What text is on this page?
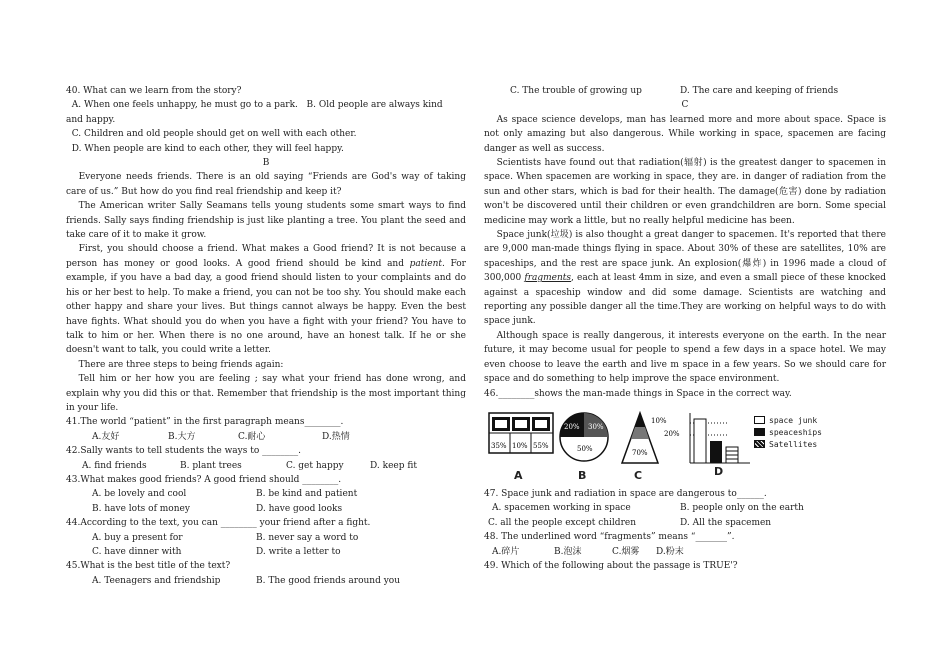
40. What can we learn from the story?
A. When one feels unhappy, he must go to a park.   B. Old people are always kind
and happy.
C. Children and old people should get on well with each other.
D. When people are kind to each other, they will feel happy.
B
Everyone needs friends. There is an old saying “Friends are God's way of taking care of us.” But how do you find real friendship and keep it?
The American writer Sally Seamans tells young students some smart ways to find friends. Sally says finding friendship is just like planting a tree. You plant the seed and take care of it to make it grow.
First, you should choose a friend. What makes a Good friend? It is not because a person has money or good looks. A good friend should be kind and patient. For example, if you have a bad day, a good friend should listen to your complaints and do his or her best to help. To make a friend, you can not be too shy. You should make each other happy and share your lives. But things cannot always be happy. Even the best have fights. What should you do when you have a fight with your friend? You have to talk to him or her. When there is no one around, have an honest talk. If he or she doesn't want to talk, you could write a letter.
There are three steps to being friends again:
Tell him or her how you are feeling ; say what your friend has done wrong, and explain why you did this or that. Remember that friendship is the most important thing in your life.
41.The world “patient” in the first paragraph means________.
A.友好	B.大方	C.耐心	D.热情
42.Sally wants to tell students the ways to ________.
A. find friends	B. plant trees	C. get happy	D. keep fit
43.What makes good friends? A good friend should ________.
A. be lovely and cool	B. be kind and patient
B. have lots of money	D. have good looks
44.According to the text, you can ________ your friend after a fight.
A. buy a present for	B. never say a word to
C. have dinner with	D. write a letter to
45.What is the best title of the text?
A. Teenagers and friendship	B. The good friends around you
C. The trouble of growing up	D. The care and keeping of friends
C
As space science develops, man has learned more and more about space. Space is not only amazing but also dangerous. While working in space, spacemen are facing danger as well as success.
Scientists have found out that radiation(辐射) is the greatest danger to spacemen in space. When spacemen are working in space, they are. in danger of radiation from the sun and other stars, which is bad for their health. The damage(危害) done by radiation won't be discovered until their children or even grandchildren are born. Some special medicine may work a little, but no really helpful medicine has been.
Space junk(垃圾) is also thought a great danger to spacemen. It's reported that there are 9,000 man-made things flying in space. About 30% of these are satellites, 10% are spaceships, and the rest are space junk. An explosion(爆炸) in 1996 made a cloud of 300,000 fragments, each at least 4mm in size, and even a small piece of these knocked against a spaceship window and did some damage. Scientists are watching and reporting any possible danger all the time.They are working on helpful ways to do with space junk.
Although space is really dangerous, it interests everyone on the earth. In the near future, it may become usual for people to spend a few days in a space hotel. We may even choose to leave the earth and live m space in a few years. So we should care for space and do something to help improve the space environment.
46.________shows the man-made things in Space in the correct way.
35% 10% 55%
A
20% 30%
50%
B
10%
20%
70%
C	D
space junk
speaceships
Satellites
47. Space junk and radiation in space are dangerous to______.
A. spacemen working in space	B. people only on the earth
C. all the people except children	D. All the spacemen
48. The underlined word “fragments” means “_______”.
A.碎片	B.泡沫	C.烟雾 D.粉末
49. Which of the following about the passage is TRUE'?
